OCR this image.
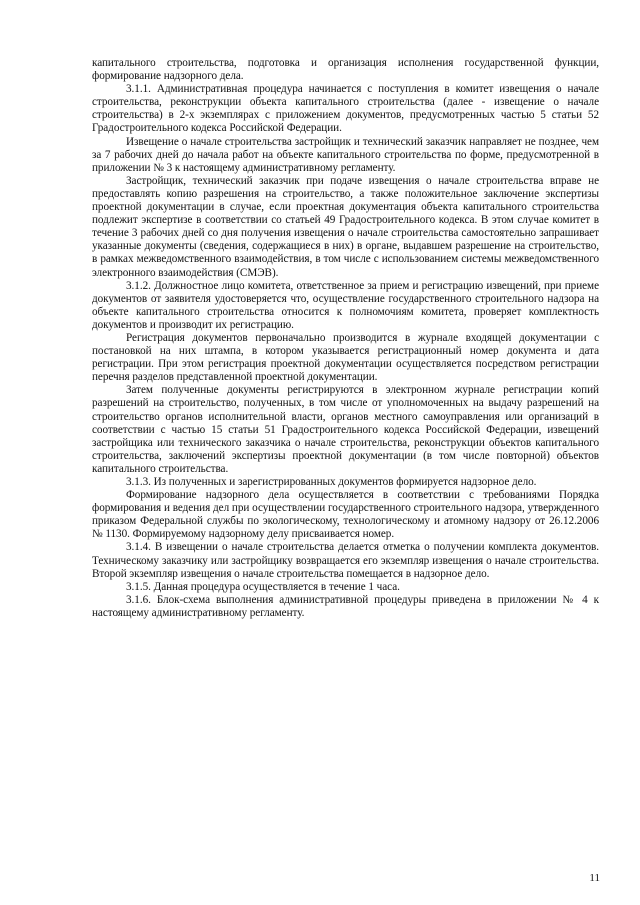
капитального строительства, подготовка и организация исполнения государственной функции, формирование надзорного дела.

3.1.1. Административная процедура начинается с поступления в комитет извещения о начале строительства, реконструкции объекта капитального строительства (далее - извещение о начале строительства) в 2-х экземплярах с приложением документов, предусмотренных частью 5 статьи 52 Градостроительного кодекса Российской Федерации.

Извещение о начале строительства застройщик и технический заказчик направляет не позднее, чем за 7 рабочих дней до начала работ на объекте капитального строительства по форме, предусмотренной в приложении № 3 к настоящему административному регламенту.

Застройщик, технический заказчик при подаче извещения о начале строительства вправе не предоставлять копию разрешения на строительство, а также положительное заключение экспертизы проектной документации в случае, если проектная документация объекта капитального строительства подлежит экспертизе в соответствии со статьей 49 Градостроительного кодекса. В этом случае комитет в течение 3 рабочих дней со дня получения извещения о начале строительства самостоятельно запрашивает указанные документы (сведения, содержащиеся в них) в органе, выдавшем разрешение на строительство, в рамках межведомственного взаимодействия, в том числе с использованием системы межведомственного электронного взаимодействия (СМЭВ).

3.1.2. Должностное лицо комитета, ответственное за прием и регистрацию извещений, при приеме документов от заявителя удостоверяется что, осуществление государственного строительного надзора на объекте капитального строительства относится к полномочиям комитета, проверяет комплектность документов и производит их регистрацию.

Регистрация документов первоначально производится в журнале входящей документации с постановкой на них штампа, в котором указывается регистрационный номер документа и дата регистрации. При этом регистрация проектной документации осуществляется посредством регистрации перечня разделов представленной проектной документации.

Затем полученные документы регистрируются в электронном журнале регистрации копий разрешений на строительство, полученных, в том числе от уполномоченных на выдачу разрешений на строительство органов исполнительной власти, органов местного самоуправления или организаций в соответствии с частью 15 статьи 51 Градостроительного кодекса Российской Федерации, извещений застройщика или технического заказчика о начале строительства, реконструкции объектов капитального строительства, заключений экспертизы проектной документации (в том числе повторной) объектов капитального строительства.

3.1.3. Из полученных и зарегистрированных документов формируется надзорное дело.

Формирование надзорного дела осуществляется в соответствии с требованиями Порядка формирования и ведения дел при осуществлении государственного строительного надзора, утвержденного приказом Федеральной службы по экологическому, технологическому и атомному надзору от 26.12.2006 № 1130. Формируемому надзорному делу присваивается номер.

3.1.4. В извещении о начале строительства делается отметка о получении комплекта документов. Техническому заказчику или застройщику возвращается его экземпляр извещения о начале строительства. Второй экземпляр извещения о начале строительства помещается в надзорное дело.

3.1.5. Данная процедура осуществляется в течение 1 часа.

3.1.6. Блок-схема выполнения административной процедуры приведена в приложении № 4 к настоящему административному регламенту.

11
